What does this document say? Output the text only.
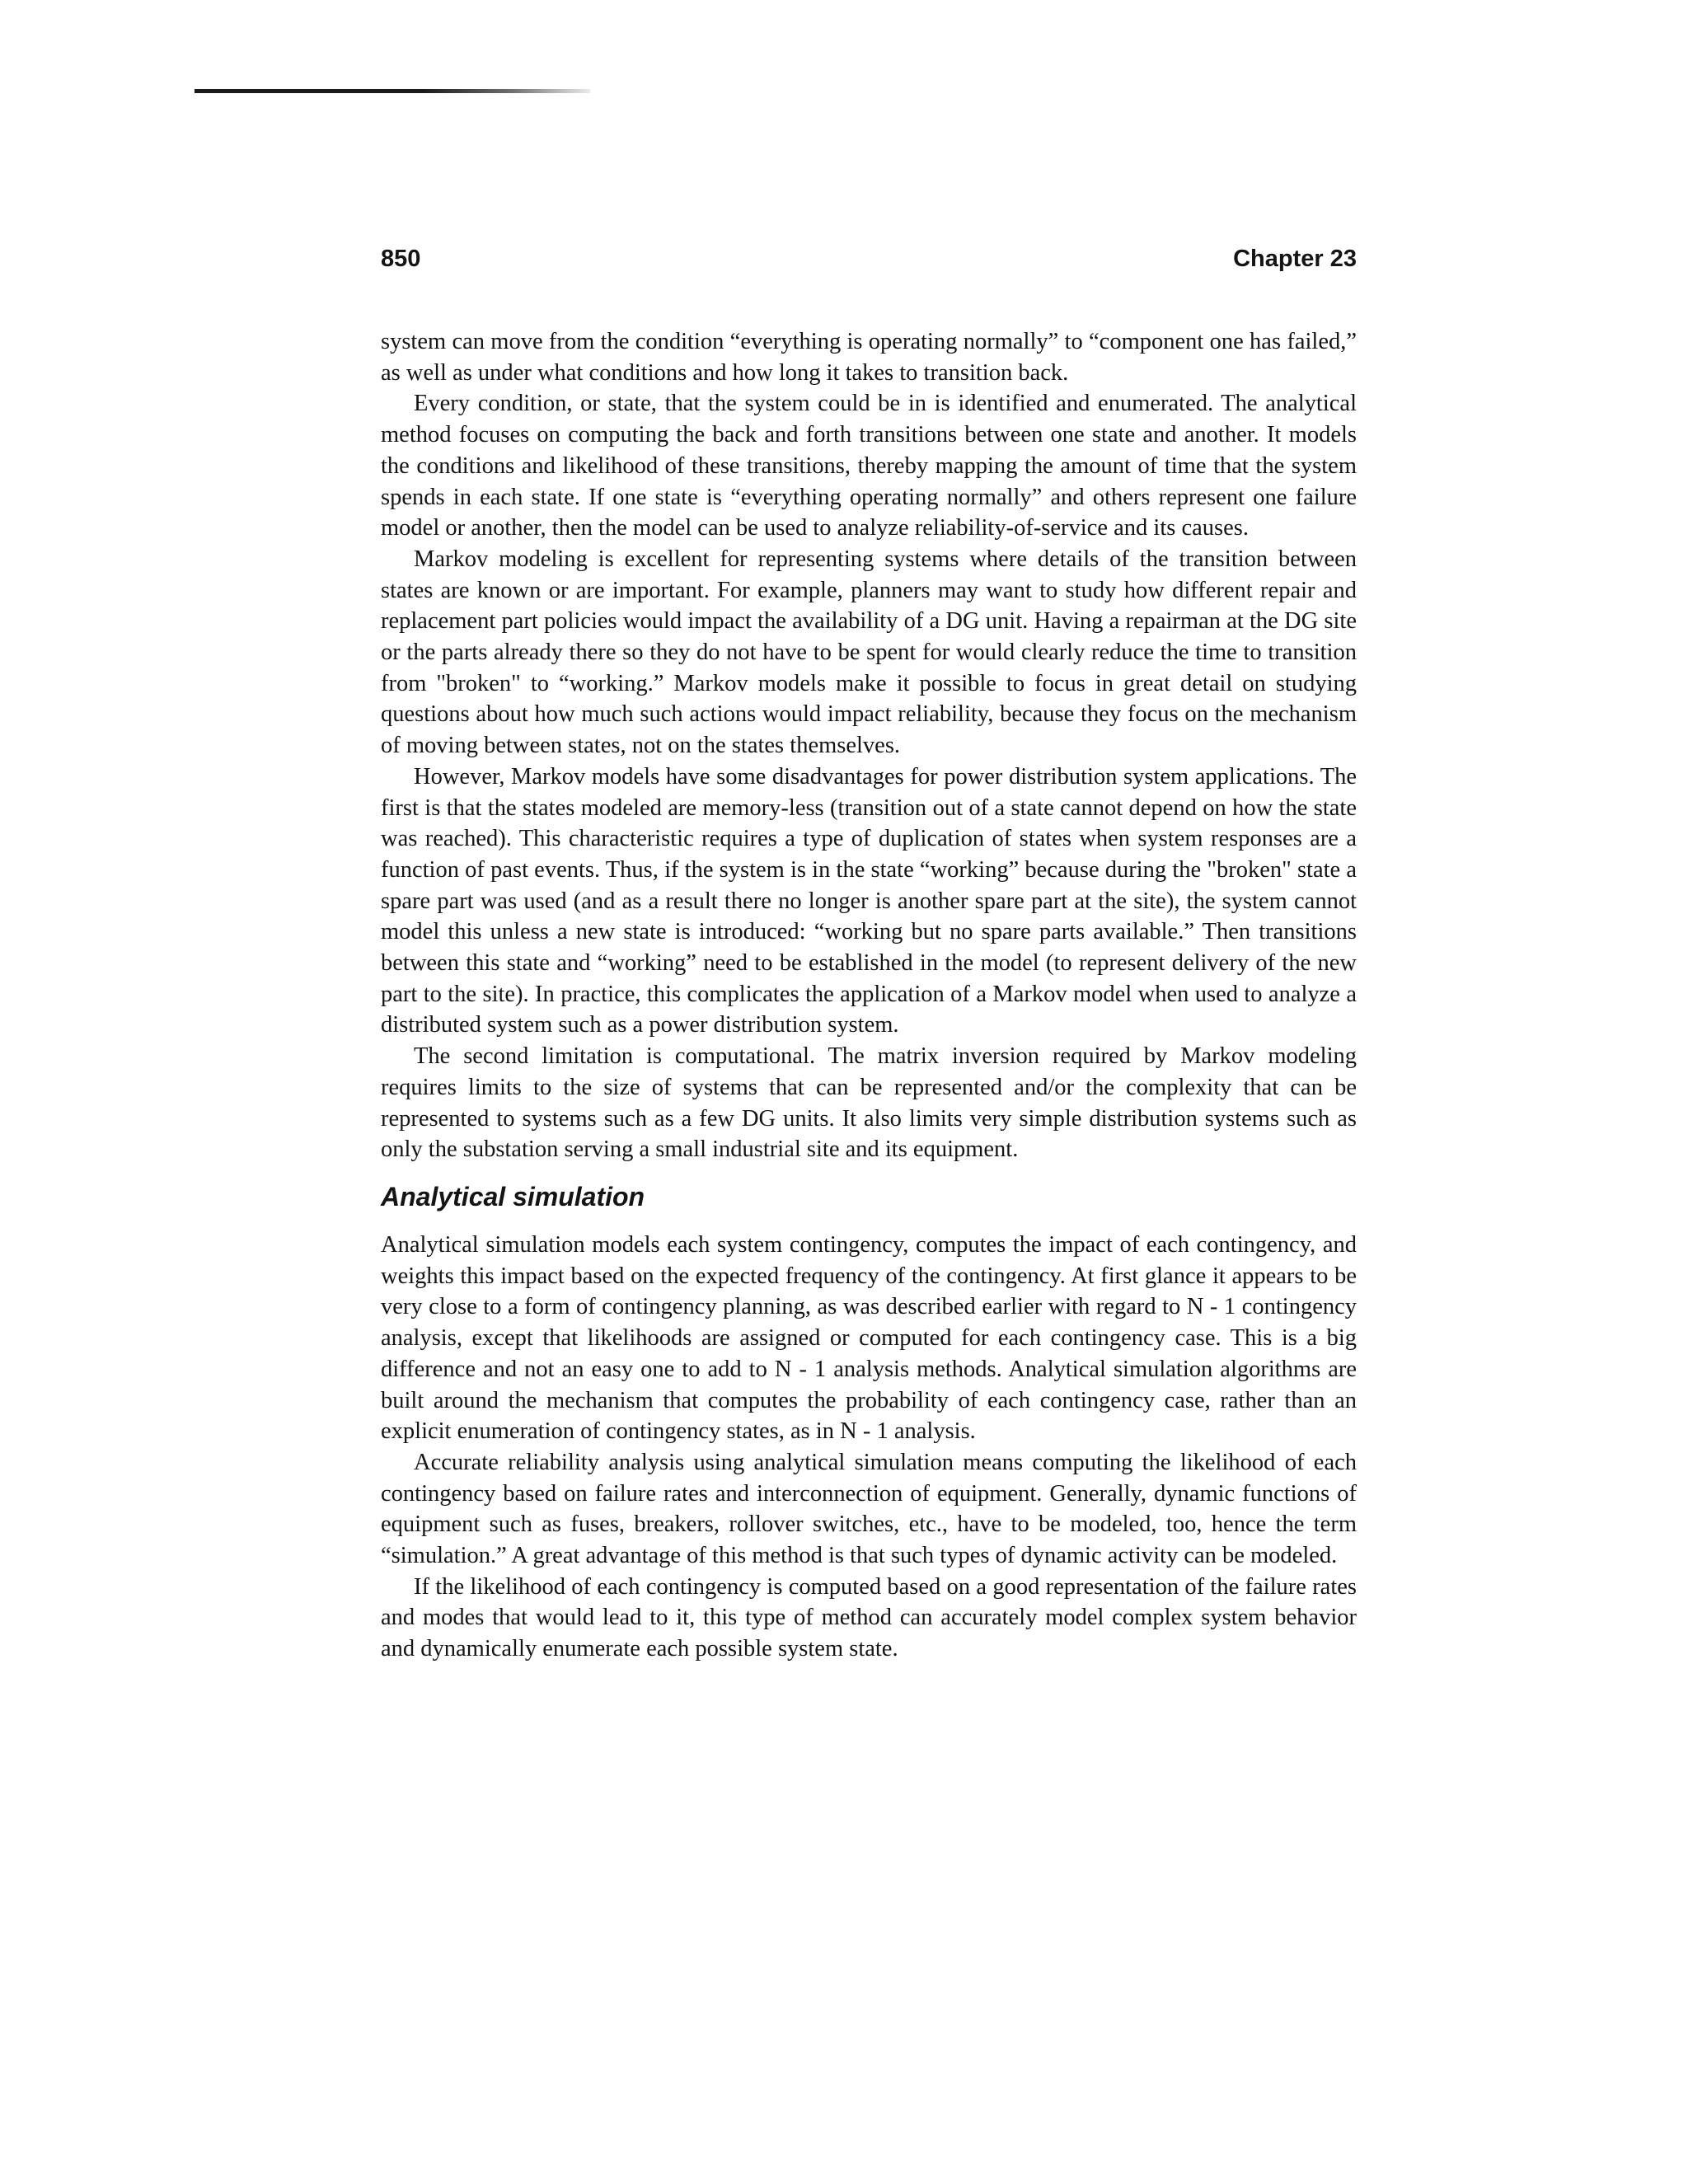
850	Chapter 23

system can move from the condition “everything is operating normally” to “component one has failed,” as well as under what conditions and how long it takes to transition back.

Every condition, or state, that the system could be in is identified and enumerated. The analytical method focuses on computing the back and forth transitions between one state and another. It models the conditions and likelihood of these transitions, thereby mapping the amount of time that the system spends in each state. If one state is “everything operating normally” and others represent one failure model or another, then the model can be used to analyze reliability-of-service and its causes.

Markov modeling is excellent for representing systems where details of the transition between states are known or are important. For example, planners may want to study how different repair and replacement part policies would impact the availability of a DG unit. Having a repairman at the DG site or the parts already there so they do not have to be spent for would clearly reduce the time to transition from "broken" to “working.” Markov models make it possible to focus in great detail on studying questions about how much such actions would impact reliability, because they focus on the mechanism of moving between states, not on the states themselves.

However, Markov models have some disadvantages for power distribution system applications. The first is that the states modeled are memory-less (transition out of a state cannot depend on how the state was reached). This characteristic requires a type of duplication of states when system responses are a function of past events. Thus, if the system is in the state “working” because during the "broken" state a spare part was used (and as a result there no longer is another spare part at the site), the system cannot model this unless a new state is introduced: “working but no spare parts available.” Then transitions between this state and “working” need to be established in the model (to represent delivery of the new part to the site). In practice, this complicates the application of a Markov model when used to analyze a distributed system such as a power distribution system.

The second limitation is computational. The matrix inversion required by Markov modeling requires limits to the size of systems that can be represented and/or the complexity that can be represented to systems such as a few DG units. It also limits very simple distribution systems such as only the substation serving a small industrial site and its equipment.

Analytical simulation

Analytical simulation models each system contingency, computes the impact of each contingency, and weights this impact based on the expected frequency of the contingency. At first glance it appears to be very close to a form of contingency planning, as was described earlier with regard to N - 1 contingency analysis, except that likelihoods are assigned or computed for each contingency case. This is a big difference and not an easy one to add to N - 1 analysis methods. Analytical simulation algorithms are built around the mechanism that computes the probability of each contingency case, rather than an explicit enumeration of contingency states, as in N - 1 analysis.

Accurate reliability analysis using analytical simulation means computing the likelihood of each contingency based on failure rates and interconnection of equipment. Generally, dynamic functions of equipment such as fuses, breakers, rollover switches, etc., have to be modeled, too, hence the term “simulation.” A great advantage of this method is that such types of dynamic activity can be modeled.

If the likelihood of each contingency is computed based on a good representation of the failure rates and modes that would lead to it, this type of method can accurately model complex system behavior and dynamically enumerate each possible system state.
